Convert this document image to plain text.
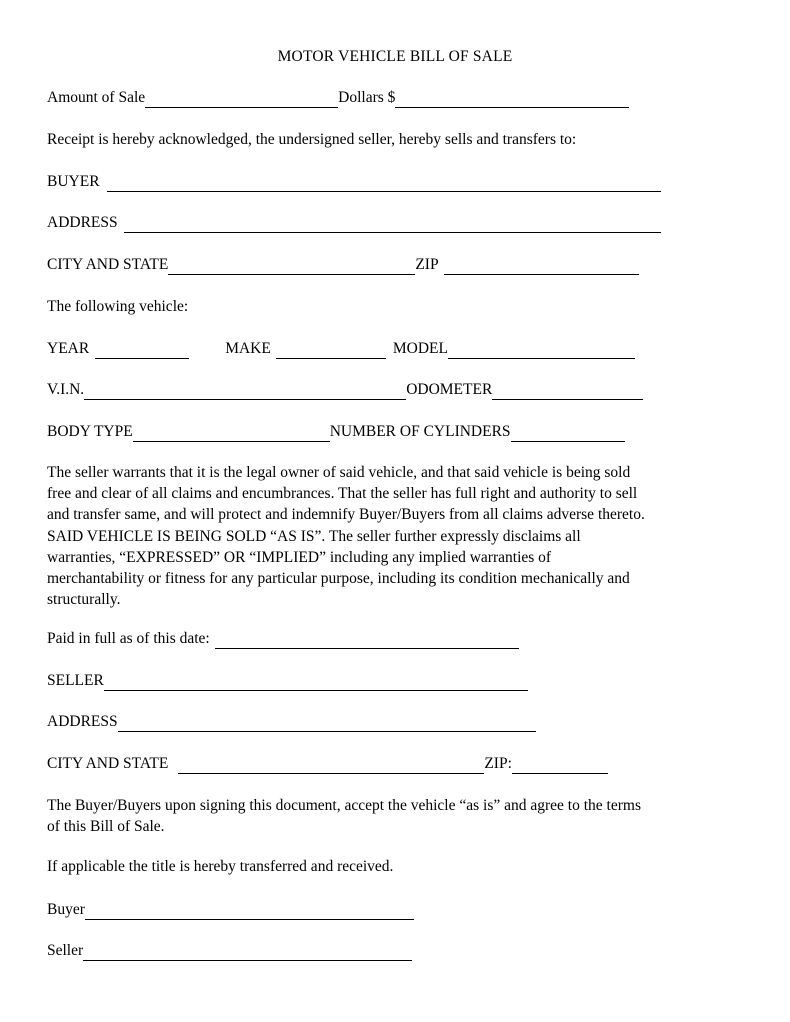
MOTOR VEHICLE BILL OF SALE
Amount of Sale	Dollars $
Receipt is hereby acknowledged, the undersigned seller, hereby sells and transfers to:
BUYER
ADDRESS
CITY AND STATE	ZIP
The following vehicle:
YEAR	MAKE	MODEL
V.I.N.	ODOMETER
BODY TYPE	NUMBER OF CYLINDERS
The seller warrants that it is the legal owner of said vehicle, and that said vehicle is being sold
free and clear of all claims and encumbrances. That the seller has full right and authority to sell
and transfer same, and will protect and indemnify Buyer/Buyers from all claims adverse thereto.
SAID VEHICLE IS BEING SOLD “AS IS”. The seller further expressly disclaims all
warranties, “EXPRESSED” OR “IMPLIED” including any implied warranties of
merchantability or fitness for any particular purpose, including its condition mechanically and
structurally.
Paid in full as of this date:
SELLER
ADDRESS
CITY AND STATE	ZIP:
The Buyer/Buyers upon signing this document, accept the vehicle “as is” and agree to the terms
of this Bill of Sale.
If applicable the title is hereby transferred and received.
Buyer
Seller
